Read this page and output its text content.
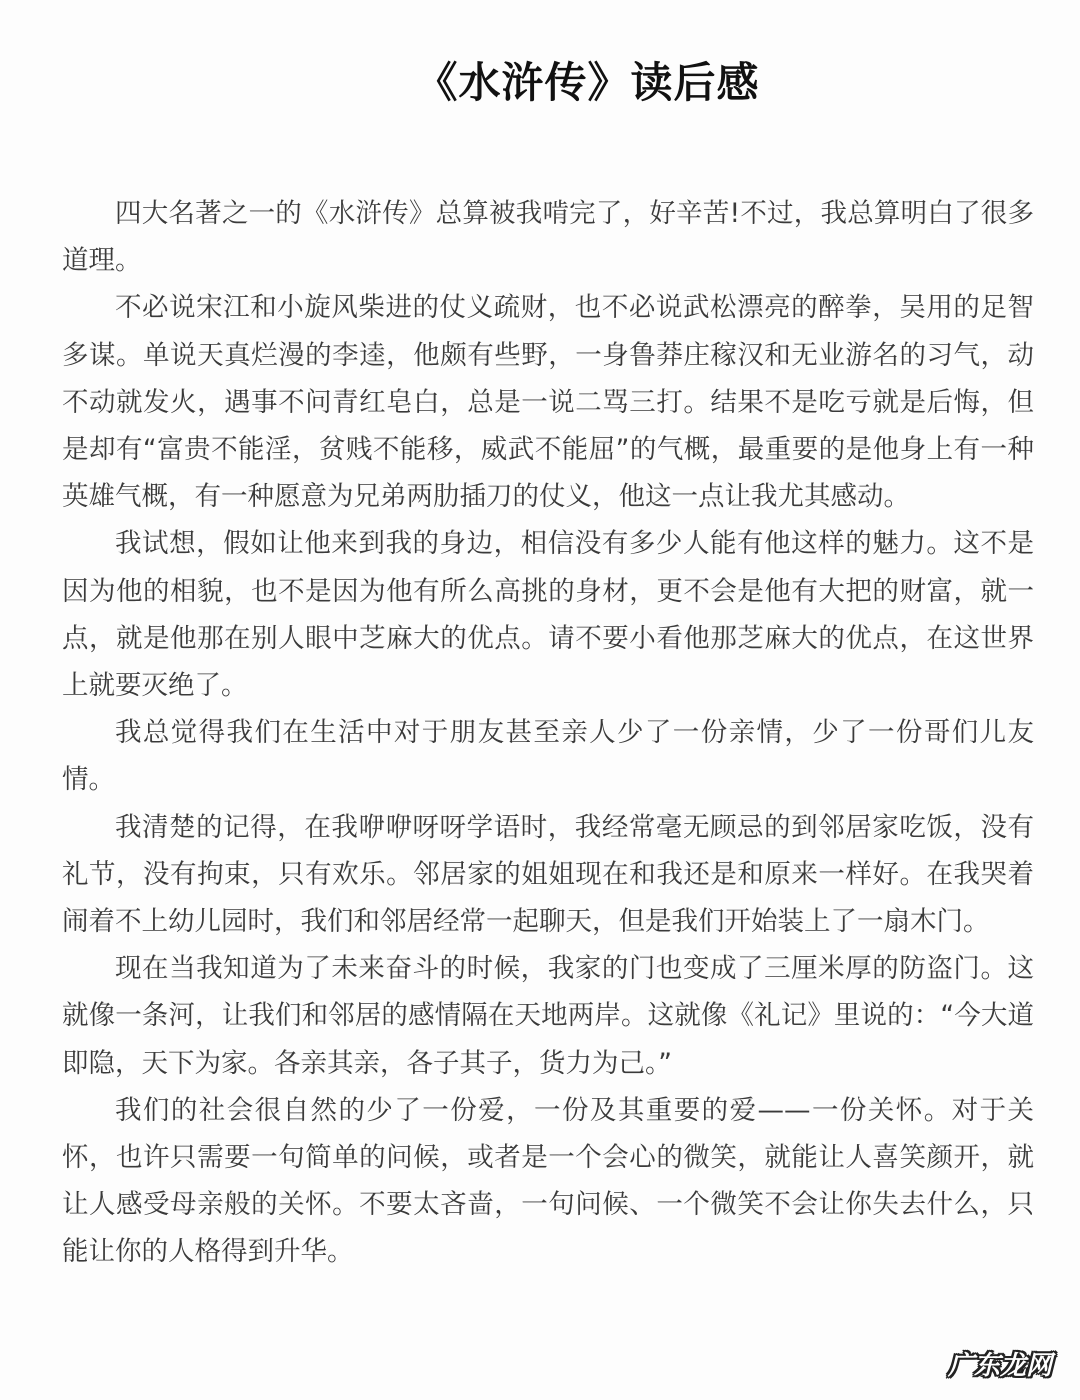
《水浒传》读后感

四大名著之一的《水浒传》总算被我啃完了，好辛苦!不过，我总算明白了很多道理。

不必说宋江和小旋风柴进的仗义疏财，也不必说武松漂亮的醉拳，吴用的足智多谋。单说天真烂漫的李逵，他颇有些野，一身鲁莽庄稼汉和无业游名的习气，动不动就发火，遇事不问青红皂白，总是一说二骂三打。结果不是吃亏就是后悔，但是却有“富贵不能淫，贫贱不能移，威武不能屈”的气概，最重要的是他身上有一种英雄气概，有一种愿意为兄弟两肋插刀的仗义，他这一点让我尤其感动。

我试想，假如让他来到我的身边，相信没有多少人能有他这样的魅力。这不是因为他的相貌，也不是因为他有所么高挑的身材，更不会是他有大把的财富，就一点，就是他那在别人眼中芝麻大的优点。请不要小看他那芝麻大的优点，在这世界上就要灭绝了。

我总觉得我们在生活中对于朋友甚至亲人少了一份亲情，少了一份哥们儿友情。

我清楚的记得，在我咿咿呀呀学语时，我经常毫无顾忌的到邻居家吃饭，没有礼节，没有拘束，只有欢乐。邻居家的姐姐现在和我还是和原来一样好。在我哭着闹着不上幼儿园时，我们和邻居经常一起聊天，但是我们开始装上了一扇木门。

现在当我知道为了未来奋斗的时候，我家的门也变成了三厘米厚的防盗门。这就像一条河，让我们和邻居的感情隔在天地两岸。这就像《礼记》里说的：“今大道即隐，天下为家。各亲其亲，各子其子，货力为己。”

我们的社会很自然的少了一份爱，一份及其重要的爱——一份关怀。对于关怀，也许只需要一句简单的问候，或者是一个会心的微笑，就能让人喜笑颜开，就让人感受母亲般的关怀。不要太吝啬，一句问候、一个微笑不会让你失去什么，只能让你的人格得到升华。

广东龙网
